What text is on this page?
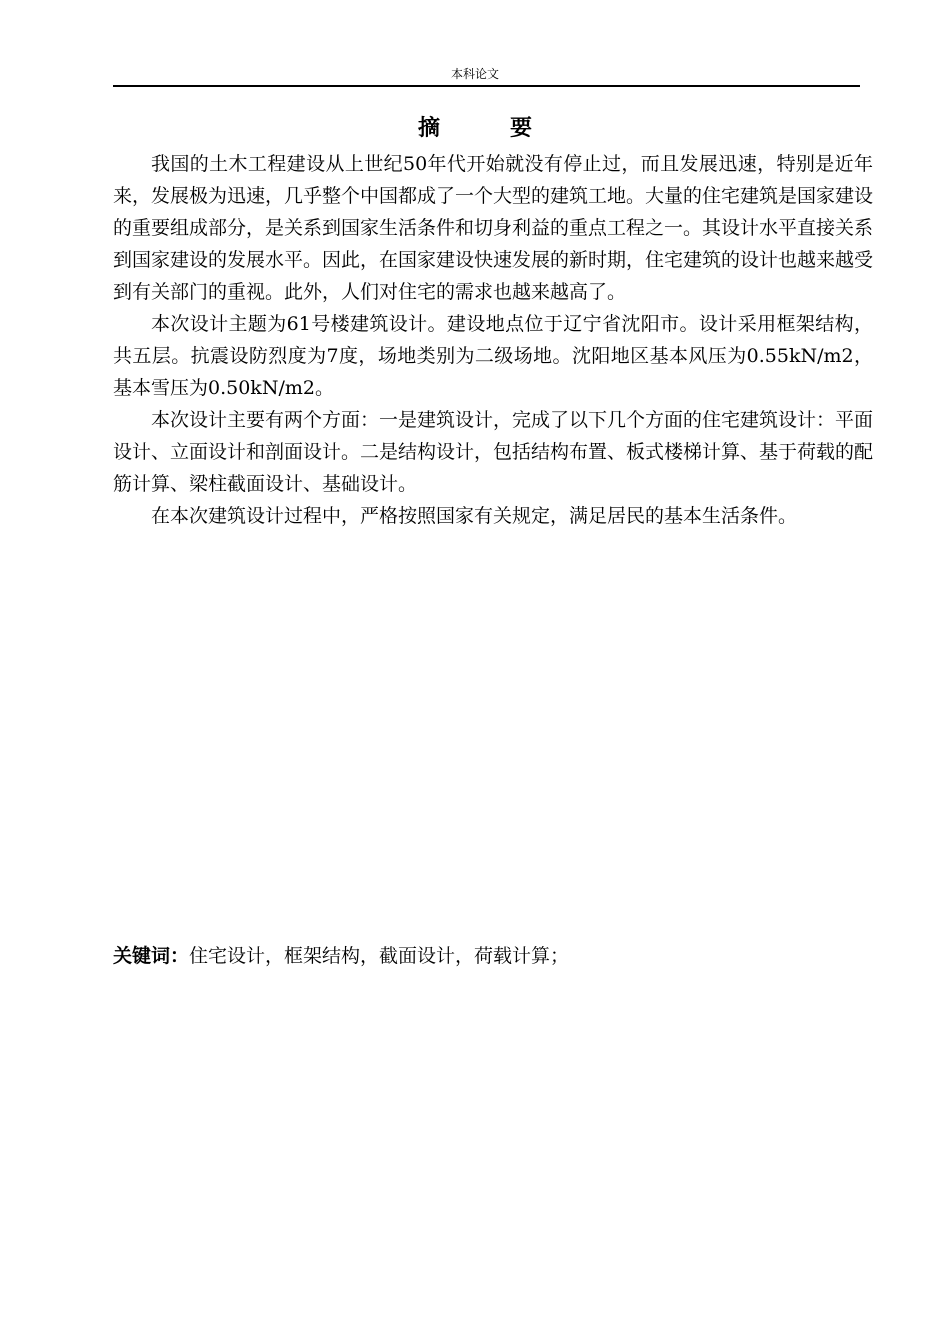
本科论文
摘　要

我国的土木工程建设从上世纪50年代开始就没有停止过，而且发展迅速，特别是近年来，发展极为迅速，几乎整个中国都成了一个大型的建筑工地。大量的住宅建筑是国家建设的重要组成部分，是关系到国家生活条件和切身利益的重点工程之一。其设计水平直接关系到国家建设的发展水平。因此，在国家建设快速发展的新时期，住宅建筑的设计也越来越受到有关部门的重视。此外，人们对住宅的需求也越来越高了。

本次设计主题为61号楼建筑设计。建设地点位于辽宁省沈阳市。设计采用框架结构，共五层。抗震设防烈度为7度，场地类别为二级场地。沈阳地区基本风压为0.55kN/m2，基本雪压为0.50kN/m2。

本次设计主要有两个方面：一是建筑设计，完成了以下几个方面的住宅建筑设计：平面设计、立面设计和剖面设计。二是结构设计，包括结构布置、板式楼梯计算、基于荷载的配筋计算、梁柱截面设计、基础设计。

在本次建筑设计过程中，严格按照国家有关规定，满足居民的基本生活条件。

关键词：住宅设计，框架结构，截面设计，荷载计算；
